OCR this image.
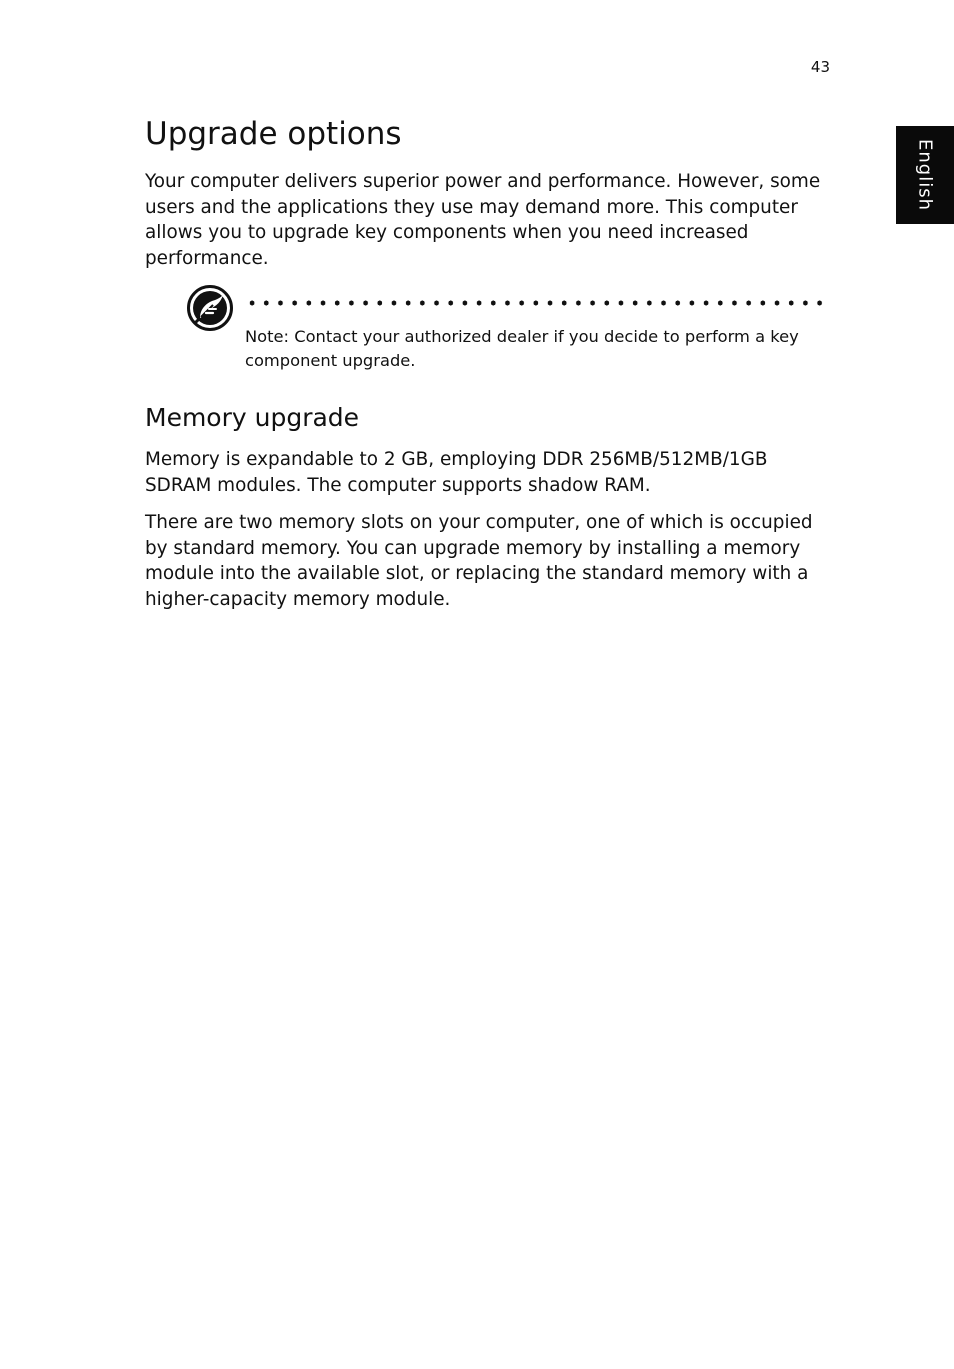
43
English
Upgrade options

Your computer delivers superior power and performance. However, some users and the applications they use may demand more. This computer allows you to upgrade key components when you need increased performance.

Note: Contact your authorized dealer if you decide to perform a key component upgrade.

Memory upgrade

Memory is expandable to 2 GB, employing DDR 256MB/512MB/1GB SDRAM modules. The computer supports shadow RAM.

There are two memory slots on your computer, one of which is occupied by standard memory. You can upgrade memory by installing a memory module into the available slot, or replacing the standard memory with a higher-capacity memory module.
